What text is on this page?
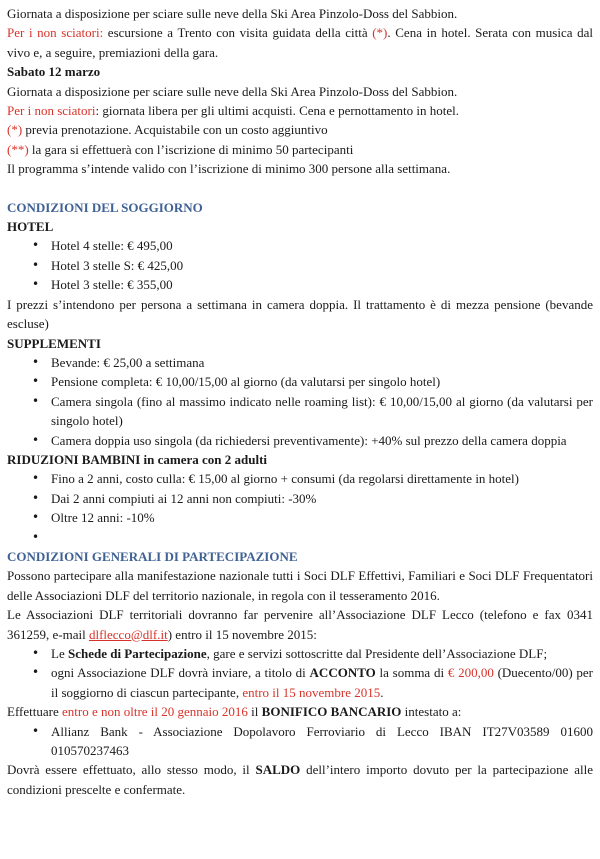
Giornata a disposizione per sciare sulle neve della Ski Area Pinzolo-Doss del Sabbion.

Per i non sciatori: escursione a Trento con visita guidata della città (*). Cena in hotel. Serata con musica dal vivo e, a seguire, premiazioni della gara.

Sabato 12 marzo

Giornata a disposizione per sciare sulle neve della Ski Area Pinzolo-Doss del Sabbion.

Per i non sciatori: giornata libera per gli ultimi acquisti. Cena e pernottamento in hotel.

(*) previa prenotazione. Acquistabile con un costo aggiuntivo

(**) la gara si effettuerà con l’iscrizione di minimo 50 partecipanti

Il programma s’intende valido con l’iscrizione di minimo 300 persone alla settimana.

CONDIZIONI DEL SOGGIORNO

HOTEL

• Hotel 4 stelle: € 495,00
• Hotel 3 stelle S: € 425,00
• Hotel 3 stelle: € 355,00

I prezzi s’intendono per persona a settimana in camera doppia. Il trattamento è di mezza pensione (bevande escluse)

SUPPLEMENTI

• Bevande: € 25,00 a settimana
• Pensione completa: € 10,00/15,00 al giorno (da valutarsi per singolo hotel)
• Camera singola (fino al massimo indicato nelle roaming list): € 10,00/15,00 al giorno (da valutarsi per singolo hotel)
• Camera doppia uso singola (da richiedersi preventivamente): +40% sul prezzo della camera doppia

RIDUZIONI BAMBINI in camera con 2 adulti

• Fino a 2 anni, costo culla: € 15,00 al giorno + consumi (da regolarsi direttamente in hotel)
• Dai 2 anni compiuti ai 12 anni non compiuti: -30%
• Oltre 12 anni: -10%
•

CONDIZIONI GENERALI DI PARTECIPAZIONE

Possono partecipare alla manifestazione nazionale tutti i Soci DLF Effettivi, Familiari e Soci DLF Frequentatori delle Associazioni DLF del territorio nazionale, in regola con il tesseramento 2016.

Le Associazioni DLF territoriali dovranno far pervenire all’Associazione DLF Lecco (telefono e fax 0341 361259, e-mail dlflecco@dlf.it) entro il 15 novembre 2015:

• Le Schede di Partecipazione, gare e servizi sottoscritte dal Presidente dell’Associazione DLF;
• ogni Associazione DLF dovrà inviare, a titolo di ACCONTO la somma di € 200,00 (Duecento/00) per il soggiorno di ciascun partecipante, entro il 15 novembre 2015.

Effettuare entro e non oltre il 20 gennaio 2016 il BONIFICO BANCARIO intestato a:

• Allianz Bank - Associazione Dopolavoro Ferroviario di Lecco IBAN IT27V03589 01600 010570237463

Dovrà essere effettuato, allo stesso modo, il SALDO dell’intero importo dovuto per la partecipazione alle condizioni prescelte e confermate.
